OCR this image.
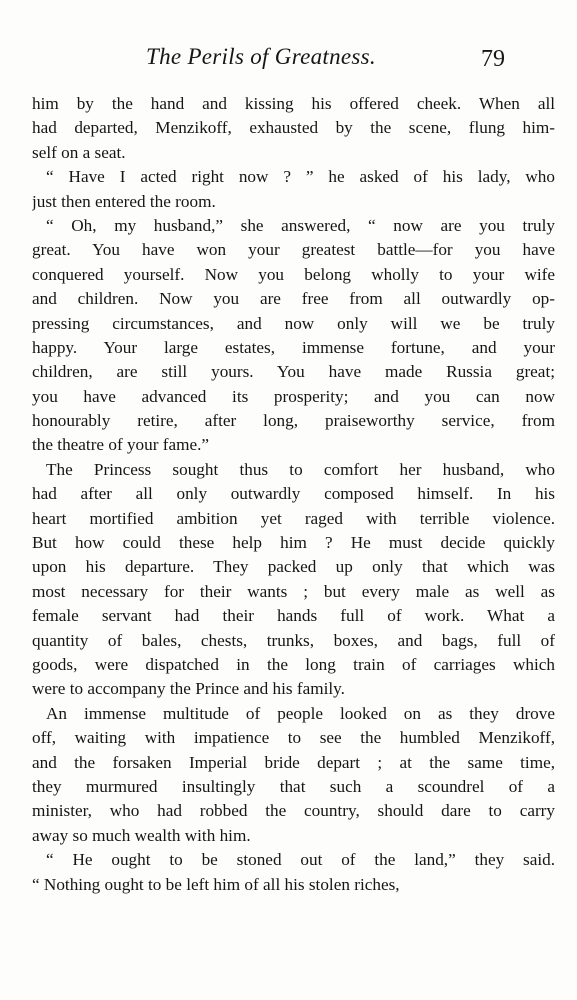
The Perils of Greatness.	79
him by the hand and kissing his offered cheek. When all
had departed, Menzikoff, exhausted by the scene, flung him-
self on a seat.
“ Have I acted right now ? ” he asked of his lady, who
just then entered the room.
“ Oh, my husband,” she answered, “ now are you truly
great. You have won your greatest battle—for you have
conquered yourself. Now you belong wholly to your wife
and children. Now you are free from all outwardly op-
pressing circumstances, and now only will we be truly
happy. Your large estates, immense fortune, and your
children, are still yours. You have made Russia great;
you have advanced its prosperity; and you can now
honourably retire, after long, praiseworthy service, from
the theatre of your fame.”
The Princess sought thus to comfort her husband, who
had after all only outwardly composed himself. In his
heart mortified ambition yet raged with terrible violence.
But how could these help him ? He must decide quickly
upon his departure. They packed up only that which was
most necessary for their wants ; but every male as well as
female servant had their hands full of work. What a
quantity of bales, chests, trunks, boxes, and bags, full of
goods, were dispatched in the long train of carriages which
were to accompany the Prince and his family.
An immense multitude of people looked on as they drove
off, waiting with impatience to see the humbled Menzikoff,
and the forsaken Imperial bride depart ; at the same time,
they murmured insultingly that such a scoundrel of a
minister, who had robbed the country, should dare to carry
away so much wealth with him.
“ He ought to be stoned out of the land,” they said.
“ Nothing ought to be left him of all his stolen riches,
